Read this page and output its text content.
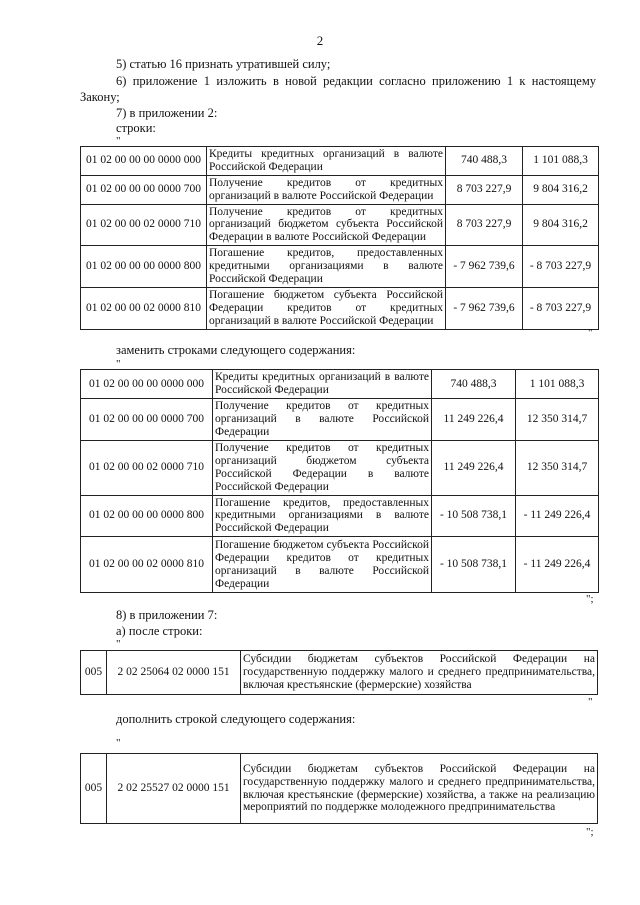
2
5) статью 16 признать утратившей силу;
6) приложение 1 изложить в новой редакции согласно приложению 1 к настоящему
Закону;
7) в приложении 2:
строки:
"
01 02 00 00 00 0000 000	Кредиты кредитных организаций в валюте Российской Федерации	740 488,3	1 101 088,3
01 02 00 00 00 0000 700	Получение кредитов от кредитных организаций в валюте Российской Федерации	8 703 227,9	9 804 316,2
01 02 00 00 02 0000 710	Получение кредитов от кредитных организаций бюджетом субъекта Российской Федерации в валюте Российской Федерации	8 703 227,9	9 804 316,2
01 02 00 00 00 0000 800	Погашение кредитов, предоставленных кредитными организациями в валюте Российской Федерации	- 7 962 739,6	- 8 703 227,9
01 02 00 00 02 0000 810	Погашение бюджетом субъекта Российской Федерации кредитов от кредитных организаций в валюте Российской Федерации	- 7 962 739,6	- 8 703 227,9
"
заменить строками следующего содержания:
"
01 02 00 00 00 0000 000	Кредиты кредитных организаций в валюте Российской Федерации	740 488,3	1 101 088,3
01 02 00 00 00 0000 700	Получение кредитов от кредитных организаций в валюте Российской Федерации	11 249 226,4	12 350 314,7
01 02 00 00 02 0000 710	Получение кредитов от кредитных организаций бюджетом субъекта Российской Федерации в валюте Российской Федерации	11 249 226,4	12 350 314,7
01 02 00 00 00 0000 800	Погашение кредитов, предоставленных кредитными организациями в валюте Российской Федерации	- 10 508 738,1	- 11 249 226,4
01 02 00 00 02 0000 810	Погашение бюджетом субъекта Российской Федерации кредитов от кредитных организаций в валюте Российской Федерации	- 10 508 738,1	- 11 249 226,4
";
8) в приложении 7:
а) после строки:
"
005	2 02 25064 02 0000 151	Субсидии бюджетам субъектов Российской Федерации на государственную поддержку малого и среднего предпринимательства, включая крестьянские (фермерские) хозяйства
"
дополнить строкой следующего содержания:
"
005	2 02 25527 02 0000 151	Субсидии бюджетам субъектов Российской Федерации на государственную поддержку малого и среднего предпринимательства, включая крестьянские (фермерские) хозяйства, а также на реализацию мероприятий по поддержке молодежного предпринимательства
";
